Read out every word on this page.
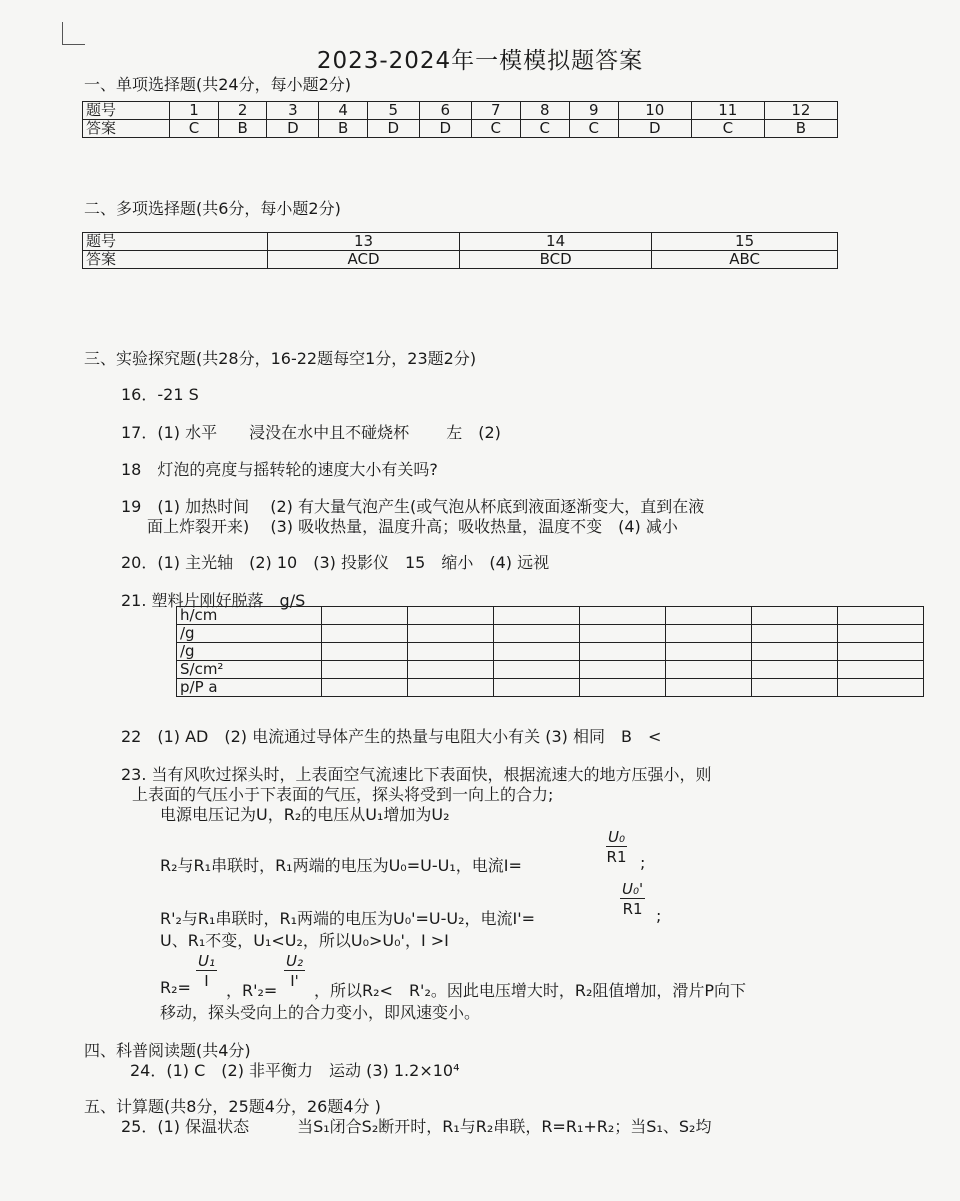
2023-2024年一模模拟题答案
一、单项选择题(共24分，每小题2分)
题号	1	2	3	4	5	6	7	8	9	10	11	12
答案	C	B	D	B	D	D	C	C	C	D	C	B
二、多项选择题(共6分，每小题2分)
题号	13	14	15
答案	ACD	BCD	ABC
三、实验探究题(共28分，16-22题每空1分，23题2分)
16．-21 S
17．(1) 水平　　浸没在水中且不碰烧杯　　 左　(2)
18　灯泡的亮度与摇转轮的速度大小有关吗?
19　(1) 加热时间　 (2) 有大量气泡产生(或气泡从杯底到液面逐渐变大，直到在液
面上炸裂开来)　 (3) 吸收热量，温度升高；吸收热量，温度不变　(4) 减小
20．(1) 主光轴　(2) 10　(3) 投影仪　15　缩小　(4) 远视
21. 塑料片刚好脱落　g/S
h/cm							
/g							
/g							
S/cm²							
p/P a							
22　(1) AD　(2) 电流通过导体产生的热量与电阻大小有关 (3) 相同　B　<
23. 当有风吹过探头时，上表面空气流速比下表面快，根据流速大的地方压强小，则
上表面的气压小于下表面的气压，探头将受到一向上的合力;
电源电压记为U，R₂的电压从U₁增加为U₂
R₂与R₁串联时，R₁两端的电压为U₀=U-U₁，电流I=	$\frac{\text{U₀}}{R1}$ ;
R'₂与R₁串联时，R₁两端的电压为U₀'=U-U₂，电流I'=	$\frac{\text{U₀'}}{R1}$ ;
U、R₁不变，U₁<U₂，所以U₀>U₀'，I >I
$R_2= \frac{\text{U₁}}{I}$ ，$R'_2= \frac{\text{U₂}}{I'}$ ，所以R₂<　R'₂。因此电压增大时，R₂阻值增加，滑片P向下
移动，探头受向上的合力变小，即风速变小。
四、科普阅读题(共4分)
24．(1) C　(2) 非平衡力　运动 (3) 1.2×10⁴
五、计算题(共8分，25题4分，26题4分 )
25．(1) 保温状态　　　当S₁闭合S₂断开时，R₁与R₂串联，R=R₁+R₂；当S₁、S₂均
